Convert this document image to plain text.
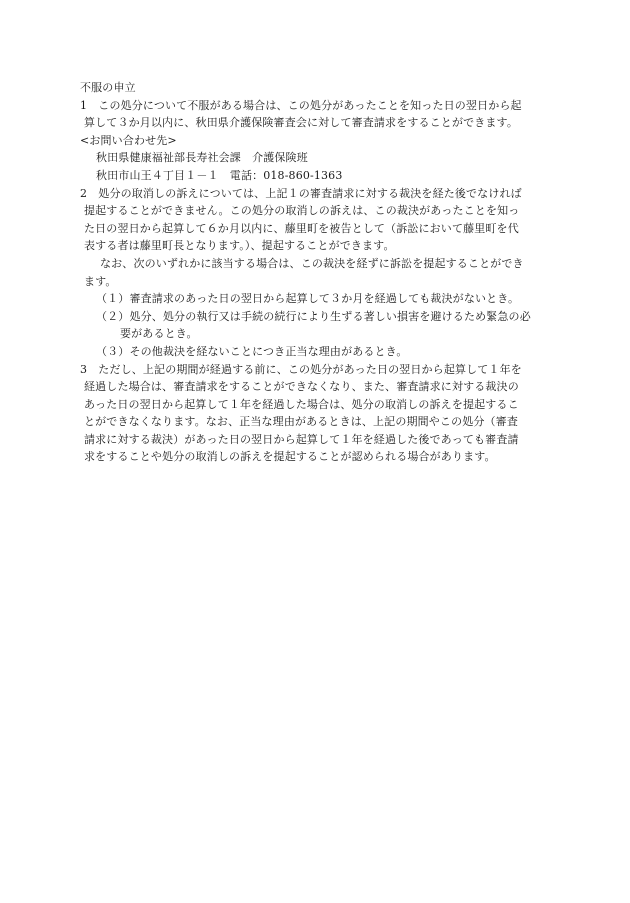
不服の申立
1　この処分について不服がある場合は、この処分があったことを知った日の翌日から起
算して３か月以内に、秋田県介護保険審査会に対して審査請求をすることができます。
<お問い合わせ先>
秋田県健康福祉部長寿社会課　介護保険班
秋田市山王４丁目１－１　電話：018-860-1363
2　処分の取消しの訴えについては、上記１の審査請求に対する裁決を経た後でなければ
提起することができません。この処分の取消しの訴えは、この裁決があったことを知っ
た日の翌日から起算して６か月以内に、藤里町を被告として（訴訟において藤里町を代
表する者は藤里町長となります。）、提起することができます。
なお、次のいずれかに該当する場合は、この裁決を経ずに訴訟を提起することができ
ます。
（１）審査請求のあった日の翌日から起算して３か月を経過しても裁決がないとき。
（２）処分、処分の執行又は手続の続行により生ずる著しい損害を避けるため緊急の必
要があるとき。
（３）その他裁決を経ないことにつき正当な理由があるとき。
3　ただし、上記の期間が経過する前に、この処分があった日の翌日から起算して１年を
経過した場合は、審査請求をすることができなくなり、また、審査請求に対する裁決の
あった日の翌日から起算して１年を経過した場合は、処分の取消しの訴えを提起するこ
とができなくなります。なお、正当な理由があるときは、上記の期間やこの処分（審査
請求に対する裁決）があった日の翌日から起算して１年を経過した後であっても審査請
求をすることや処分の取消しの訴えを提起することが認められる場合があります。
